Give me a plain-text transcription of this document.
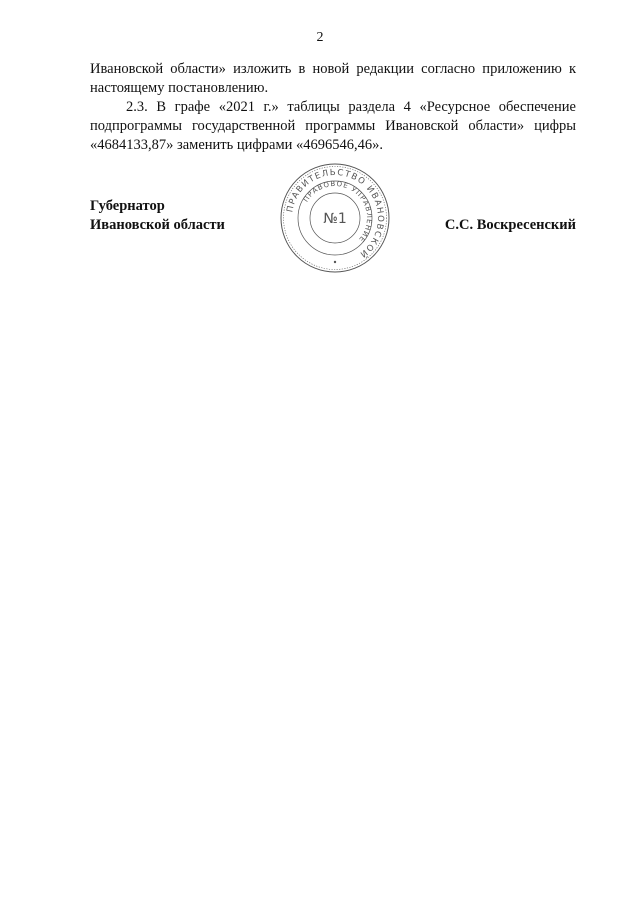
2

Ивановской области» изложить в новой редакции согласно приложению к
настоящему постановлению.

2.3. В графе «2021 г.» таблицы раздела 4 «Ресурсное обеспечение
подпрограммы государственной программы Ивановской области» цифры
«4684133,87» заменить цифрами «4696546,46».

Губернатор
Ивановской области
ПРАВИТЕЛЬСТВО ИВАНОВСКОЙ
ПРАВОВОЕ УПРАВЛЕНИЕ
№1	С.С. Воскресенский
